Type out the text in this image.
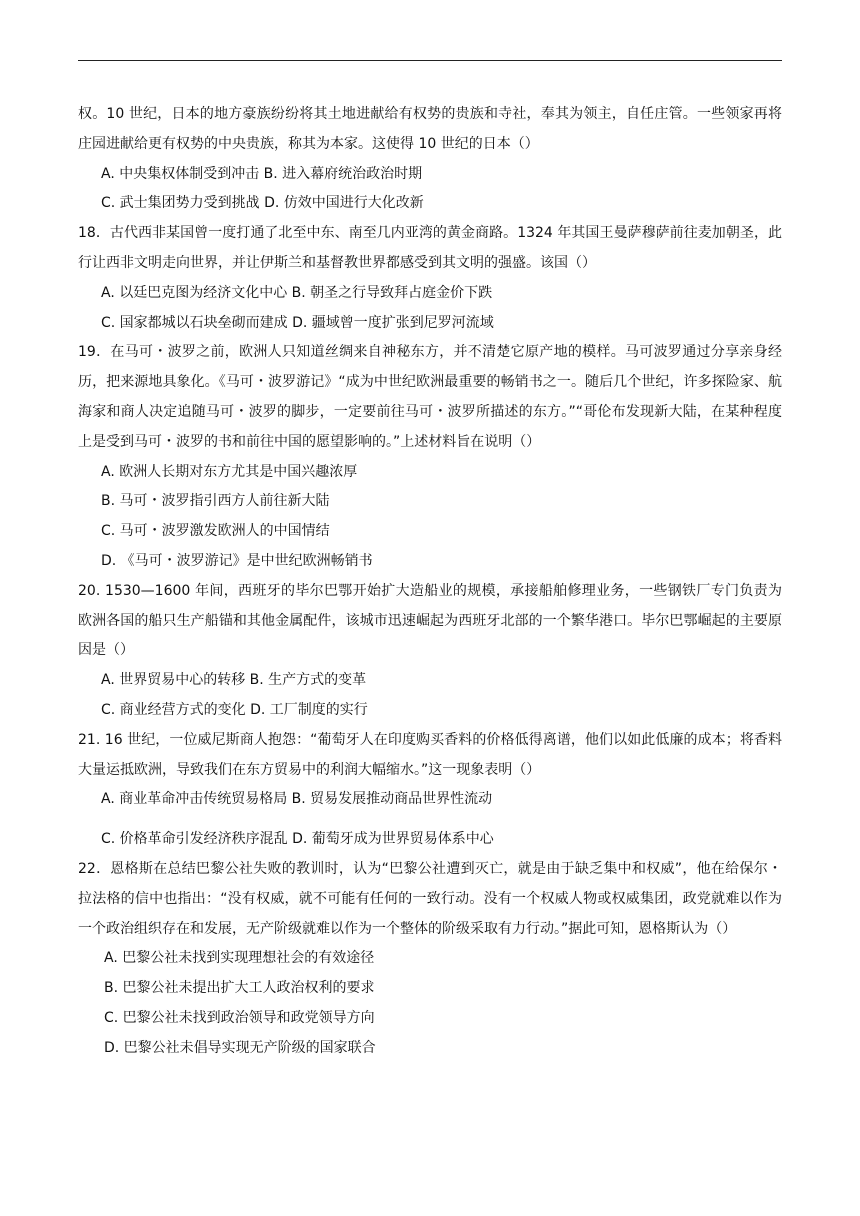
权。10 世纪，日本的地方豪族纷纷将其土地进献给有权势的贵族和寺社，奉其为领主，自任庄管。一些领家再将庄园进献给更有权势的中央贵族，称其为本家。这使得 10 世纪的日本（）

A. 中央集权体制受到冲击 B. 进入幕府统治政治时期

C. 武士集团势力受到挑战 D. 仿效中国进行大化改新

18．古代西非某国曾一度打通了北至中东、南至几内亚湾的黄金商路。1324 年其国王曼萨穆萨前往麦加朝圣，此行让西非文明走向世界，并让伊斯兰和基督教世界都感受到其文明的强盛。该国（）

A. 以廷巴克图为经济文化中心 B. 朝圣之行导致拜占庭金价下跌

C. 国家都城以石块垒砌而建成 D. 疆域曾一度扩张到尼罗河流域

19．在马可・波罗之前，欧洲人只知道丝绸来自神秘东方，并不清楚它原产地的模样。马可波罗通过分享亲身经历，把来源地具象化。《马可・波罗游记》“成为中世纪欧洲最重要的畅销书之一。随后几个世纪，许多探险家、航海家和商人决定追随马可・波罗的脚步，一定要前往马可・波罗所描述的东方。”“哥伦布发现新大陆，在某种程度上是受到马可・波罗的书和前往中国的愿望影响的。”上述材料旨在说明（）

A. 欧洲人长期对东方尤其是中国兴趣浓厚

B. 马可・波罗指引西方人前往新大陆

C. 马可・波罗激发欧洲人的中国情结

D. 《马可・波罗游记》是中世纪欧洲畅销书

20. 1530—1600 年间，西班牙的毕尔巴鄂开始扩大造船业的规模，承接船舶修理业务，一些钢铁厂专门负责为欧洲各国的船只生产船锚和其他金属配件，该城市迅速崛起为西班牙北部的一个繁华港口。毕尔巴鄂崛起的主要原因是（）

A. 世界贸易中心的转移 B. 生产方式的变革

C. 商业经营方式的变化 D. 工厂制度的实行

21. 16 世纪，一位威尼斯商人抱怨：“葡萄牙人在印度购买香料的价格低得离谱，他们以如此低廉的成本；将香料大量运抵欧洲，导致我们在东方贸易中的利润大幅缩水。”这一现象表明（）

A. 商业革命冲击传统贸易格局 B. 贸易发展推动商品世界性流动

C. 价格革命引发经济秩序混乱 D. 葡萄牙成为世界贸易体系中心

22．恩格斯在总结巴黎公社失败的教训时，认为“巴黎公社遭到灭亡，就是由于缺乏集中和权威”，他在给保尔・拉法格的信中也指出：“没有权威，就不可能有任何的一致行动。没有一个权威人物或权威集团，政党就难以作为一个政治组织存在和发展，无产阶级就难以作为一个整体的阶级采取有力行动。”据此可知，恩格斯认为（）

A. 巴黎公社未找到实现理想社会的有效途径

B. 巴黎公社未提出扩大工人政治权利的要求

C. 巴黎公社未找到政治领导和政党领导方向

D. 巴黎公社未倡导实现无产阶级的国家联合
